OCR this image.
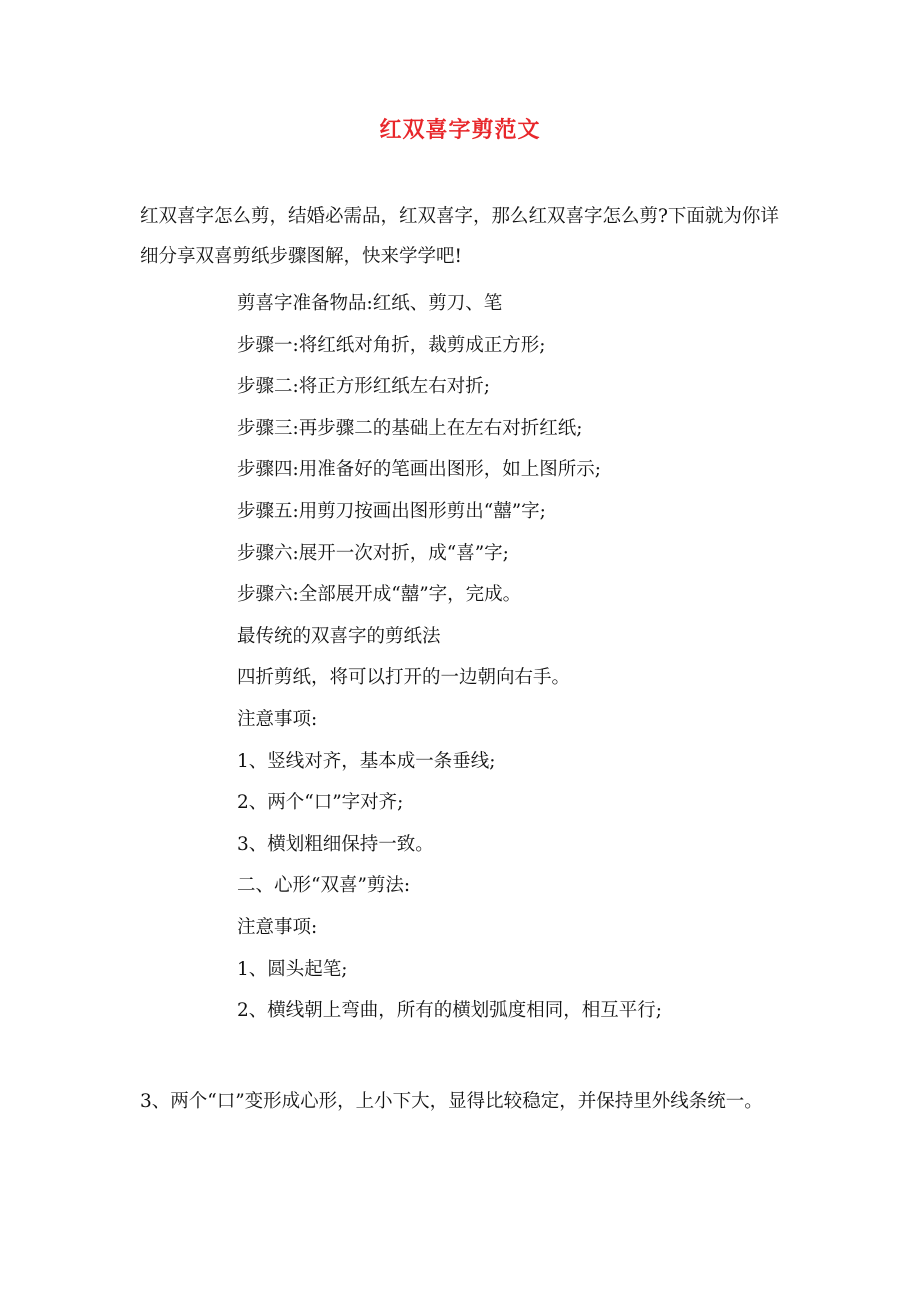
红双喜字剪范文

红双喜字怎么剪，结婚必需品，红双喜字，那么红双喜字怎么剪?下面就为你详细分享双喜剪纸步骤图解，快来学学吧!

剪喜字准备物品:红纸、剪刀、笔
步骤一:将红纸对角折，裁剪成正方形;
步骤二:将正方形红纸左右对折;
步骤三:再步骤二的基础上在左右对折红纸;
步骤四:用准备好的笔画出图形，如上图所示;
步骤五:用剪刀按画出图形剪出“囍”字;
步骤六:展开一次对折，成“喜”字;
步骤六:全部展开成“囍”字，完成。
最传统的双喜字的剪纸法
四折剪纸，将可以打开的一边朝向右手。
注意事项:
1、竖线对齐，基本成一条垂线;
2、两个“口”字对齐;
3、横划粗细保持一致。
二、心形“双喜”剪法:
注意事项:
1、圆头起笔;
2、横线朝上弯曲，所有的横划弧度相同，相互平行;

3、两个“口”变形成心形，上小下大，显得比较稳定，并保持里外线条统一。
